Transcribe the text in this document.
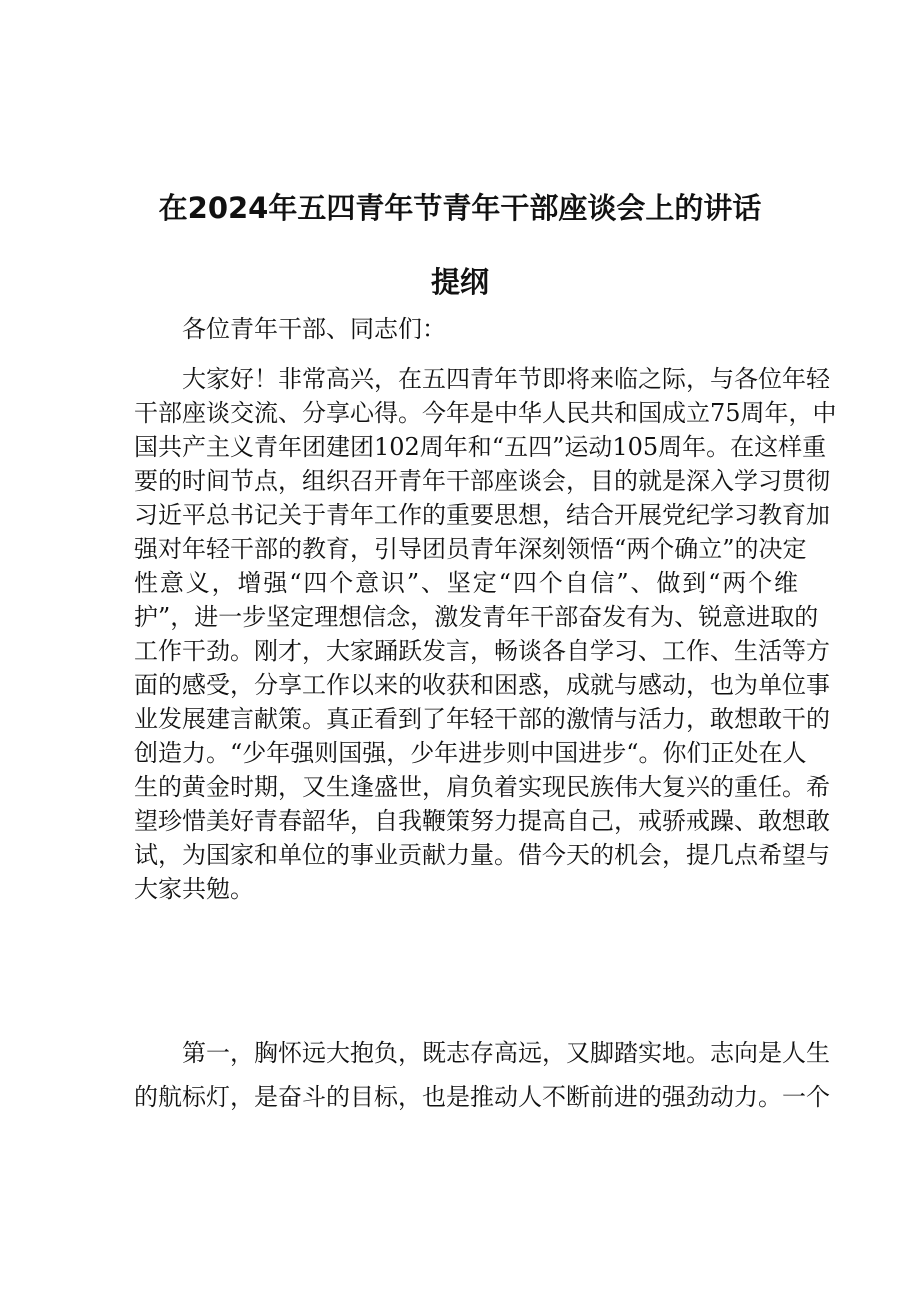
在2024年五四青年节青年干部座谈会上的讲话
提纲
各位青年干部、同志们：
大家好！非常高兴，在五四青年节即将来临之际，与各位年轻
干部座谈交流、分享心得。今年是中华人民共和国成立75周年，中
国共产主义青年团建团102周年和“五四”运动105周年。在这样重
要的时间节点，组织召开青年干部座谈会，目的就是深入学习贯彻
习近平总书记关于青年工作的重要思想，结合开展党纪学习教育加
强对年轻干部的教育，引导团员青年深刻领悟“两个确立”的决定
性意义，增强“四个意识”、坚定“四个自信”、做到“两个维
护”，进一步坚定理想信念，激发青年干部奋发有为、锐意进取的
工作干劲。刚才，大家踊跃发言，畅谈各自学习、工作、生活等方
面的感受，分享工作以来的收获和困惑，成就与感动，也为单位事
业发展建言献策。真正看到了年轻干部的激情与活力，敢想敢干的
创造力。“少年强则国强，少年进步则中国进步“。你们正处在人
生的黄金时期，又生逢盛世，肩负着实现民族伟大复兴的重任。希
望珍惜美好青春韶华，自我鞭策努力提高自己，戒骄戒躁、敢想敢
试，为国家和单位的事业贡献力量。借今天的机会，提几点希望与
大家共勉。
第一，胸怀远大抱负，既志存高远，又脚踏实地。志向是人生
的航标灯，是奋斗的目标，也是推动人不断前进的强劲动力。一个
